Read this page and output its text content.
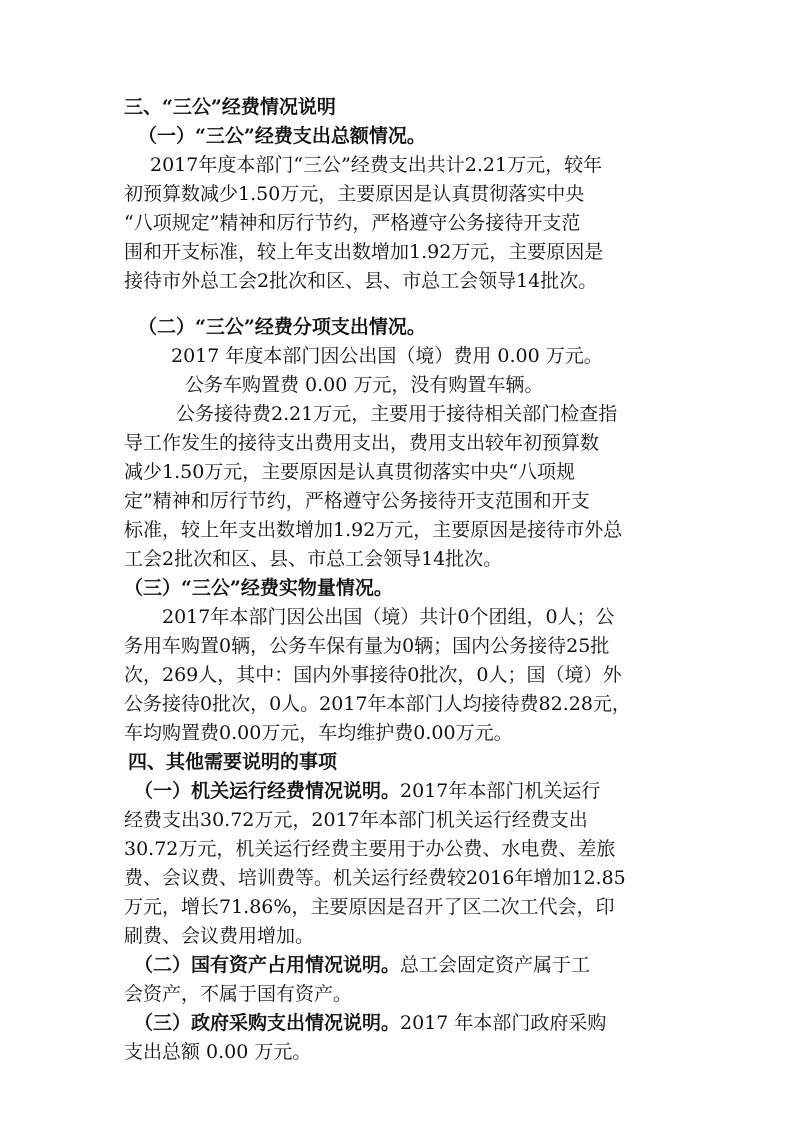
三、“三公”经费情况说明
（一）“三公”经费支出总额情况。
2017年度本部门“三公”经费支出共计2.21万元，较年
初预算数减少1.50万元，主要原因是认真贯彻落实中央
“八项规定”精神和厉行节约，严格遵守公务接待开支范
围和开支标准，较上年支出数增加1.92万元，主要原因是
接待市外总工会2批次和区、县、市总工会领导14批次。
（二）“三公”经费分项支出情况。
2017 年度本部门因公出国（境）费用 0.00 万元。
公务车购置费 0.00 万元，没有购置车辆。
公务接待费2.21万元，主要用于接待相关部门检查指
导工作发生的接待支出费用支出，费用支出较年初预算数
减少1.50万元，主要原因是认真贯彻落实中央“八项规
定”精神和厉行节约，严格遵守公务接待开支范围和开支
标准，较上年支出数增加1.92万元，主要原因是接待市外总
工会2批次和区、县、市总工会领导14批次。
（三）“三公”经费实物量情况。
2017年本部门因公出国（境）共计0个团组，0人；公
务用车购置0辆，公务车保有量为0辆；国内公务接待25批
次，269人，其中：国内外事接待0批次，0人；国（境）外
公务接待0批次，0人。2017年本部门人均接待费82.28元，
车均购置费0.00万元，车均维护费0.00万元。
四、其他需要说明的事项
（一）机关运行经费情况说明。2017年本部门机关运行
经费支出30.72万元，2017年本部门机关运行经费支出
30.72万元，机关运行经费主要用于办公费、水电费、差旅
费、会议费、培训费等。机关运行经费较2016年增加12.85
万元，增长71.86%，主要原因是召开了区二次工代会，印
刷费、会议费用增加。
（二）国有资产占用情况说明。总工会固定资产属于工
会资产，不属于国有资产。
（三）政府采购支出情况说明。2017 年本部门政府采购
支出总额 0.00 万元。
